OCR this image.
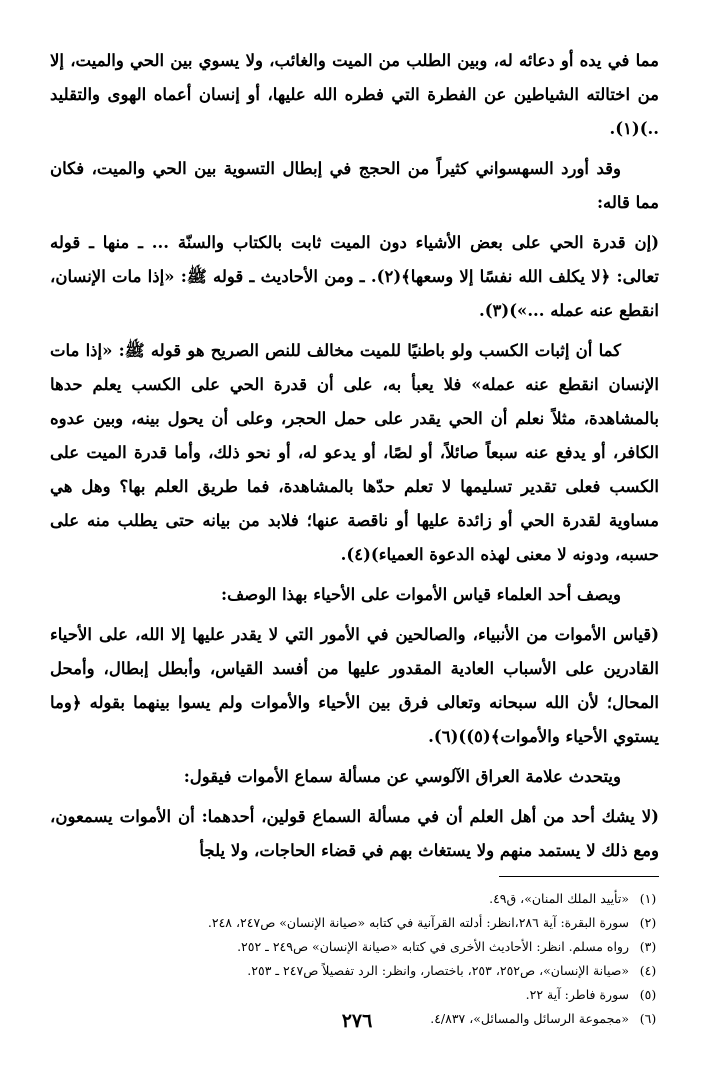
مما في يده أو دعائه له، وبين الطلب من الميت والغائب، ولا يسوي بين الحي والميت، إلا من اختالته الشياطين عن الفطرة التي فطره الله عليها، أو إنسان أعماه الهوى والتقليد ..)(١).

وقد أورد السهسواني كثيراً من الحجج في إبطال التسوية بين الحي والميت، فكان مما قاله:

(إن قدرة الحي على بعض الأشياء دون الميت ثابت بالكتاب والسنّة ... ـ منها ـ قوله تعالى: ﴿لا يكلف الله نفسًا إلا وسعها﴾(٢). ـ ومن الأحاديث ـ قوله ﷺ: «إذا مات الإنسان، انقطع عنه عمله ...»)(٣).

كما أن إثبات الكسب ولو باطنيًا للميت مخالف للنص الصريح هو قوله ﷺ: «إذا مات الإنسان انقطع عنه عمله» فلا يعبأ به، على أن قدرة الحي على الكسب يعلم حدها بالمشاهدة، مثلاً نعلم أن الحي يقدر على حمل الحجر، وعلى أن يحول بينه، وبين عدوه الكافر، أو يدفع عنه سبعاً صائلاً، أو لصًا، أو يدعو له، أو نحو ذلك، وأما قدرة الميت على الكسب فعلى تقدير تسليمها لا تعلم حدّها بالمشاهدة، فما طريق العلم بها؟ وهل هي مساوية لقدرة الحي أو زائدة عليها أو ناقصة عنها؛ فلابد من بيانه حتى يطلب منه على حسبه، ودونه لا معنى لهذه الدعوة العمياء)(٤).

ويصف أحد العلماء قياس الأموات على الأحياء بهذا الوصف:

(قياس الأموات من الأنبياء، والصالحين في الأمور التي لا يقدر عليها إلا الله، على الأحياء القادرين على الأسباب العادية المقدور عليها من أفسد القياس، وأبطل إبطال، وأمحل المحال؛ لأن الله سبحانه وتعالى فرق بين الأحياء والأموات ولم يسوا بينهما بقوله ﴿وما يستوي الأحياء والأموات﴾(٥))(٦).

ويتحدث علامة العراق الآلوسي عن مسألة سماع الأموات فيقول:

(لا يشك أحد من أهل العلم أن في مسألة السماع قولين، أحدهما: أن الأموات يسمعون، ومع ذلك لا يستمد منهم ولا يستغاث بهم في قضاء الحاجات، ولا يلجأ

(١)
«تأييد الملك المنان»، ق٤٩.
(٢)
سورة البقرة: آية ٢٨٦،انظر: أدلته القرآنية في كتابه «صيانة الإنسان» ص٢٤٧، ٢٤٨.
(٣)
رواه مسلم. انظر: الأحاديث الأخرى في كتابه «صيانة الإنسان» ص٢٤٩ ـ ٢٥٢.
(٤)
«صيانة الإنسان»، ص٢٥٢، ٢٥٣، باختصار، وانظر: الرد تفصيلاً ص٢٤٧ ـ ٢٥٣.
(٥)
سورة فاطر: آية ٢٢.
(٦)
«مجموعة الرسائل والمسائل»، ٤/٨٣٧.
٢٧٦
